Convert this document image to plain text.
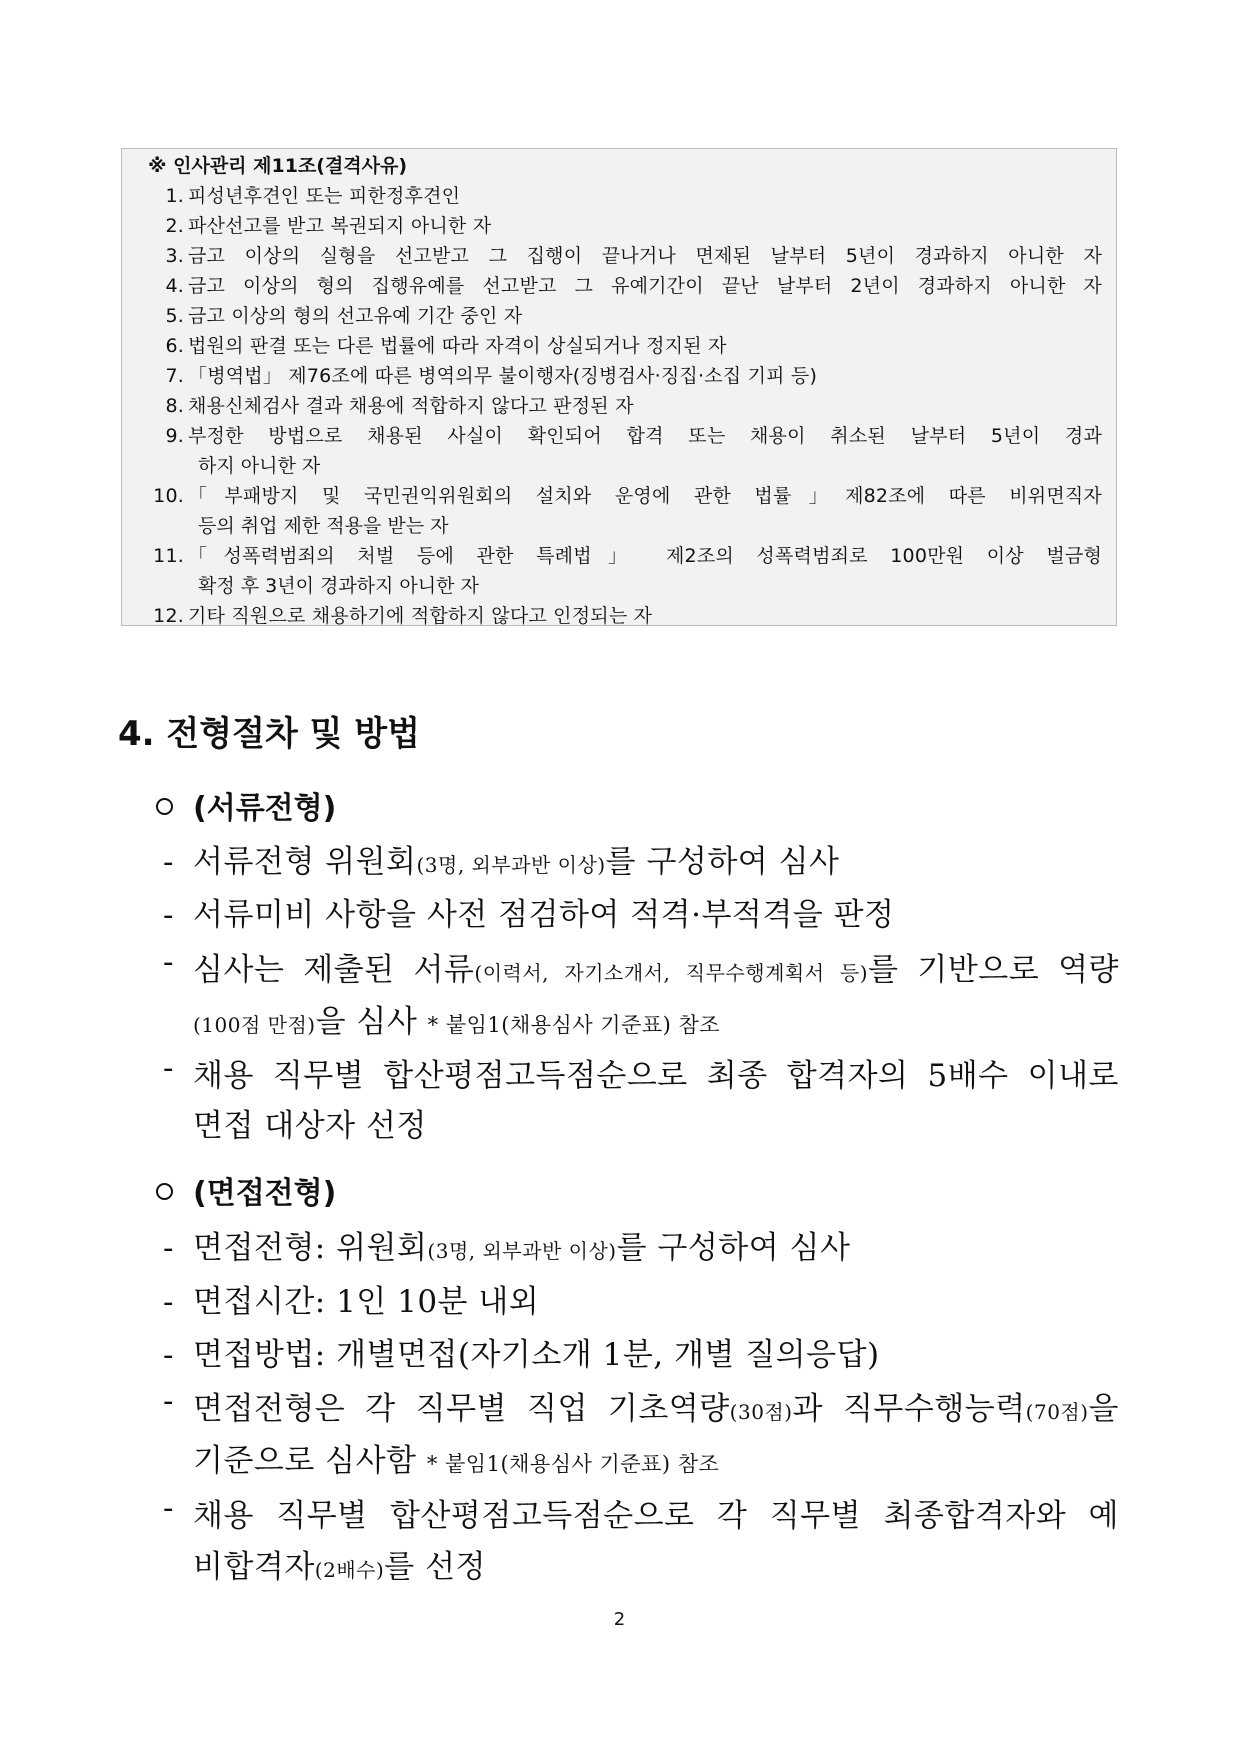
※ 인사관리 제11조(결격사유)
1. 피성년후견인 또는 피한정후견인
2. 파산선고를 받고 복권되지 아니한 자
3. 금고 이상의 실형을 선고받고 그 집행이 끝나거나 면제된 날부터 5년이 경과하지 아니한 자
4. 금고 이상의 형의 집행유예를 선고받고 그 유예기간이 끝난 날부터 2년이 경과하지 아니한 자
5. 금고 이상의 형의 선고유예 기간 중인 자
6. 법원의 판결 또는 다른 법률에 따라 자격이 상실되거나 정지된 자
7. 「병역법」 제76조에 따른 병역의무 불이행자(징병검사·징집·소집 기피 등)
8. 채용신체검사 결과 채용에 적합하지 않다고 판정된 자
9. 부정한 방법으로 채용된 사실이 확인되어 합격 또는 채용이 취소된 날부터 5년이 경과
하지 아니한 자
10. 「부패방지 및 국민권익위원회의 설치와 운영에 관한 법률」제82조에 따른 비위면직자
등의 취업 제한 적용을 받는 자
11. 「성폭력범죄의 처벌 등에 관한 특례법」 제2조의 성폭력범죄로 100만원 이상 벌금형
확정 후 3년이 경과하지 아니한 자
12. 기타 직원으로 채용하기에 적합하지 않다고 인정되는 자
4. 전형절차 및 방법
(서류전형)
- 서류전형 위원회(3명, 외부과반 이상)를 구성하여 심사
- 서류미비 사항을 사전 점검하여 적격·부적격을 판정
- 심사는 제출된 서류(이력서, 자기소개서, 직무수행계획서 등)를 기반으로 역량
(100점 만점)을 심사 * 붙임1(채용심사 기준표) 참조
- 채용 직무별 합산평점고득점순으로 최종 합격자의 5배수 이내로
면접 대상자 선정
(면접전형)
- 면접전형: 위원회(3명, 외부과반 이상)를 구성하여 심사
- 면접시간: 1인 10분 내외
- 면접방법: 개별면접(자기소개 1분, 개별 질의응답)
- 면접전형은 각 직무별 직업 기초역량(30점)과 직무수행능력(70점)을
기준으로 심사함 * 붙임1(채용심사 기준표) 참조
- 채용 직무별 합산평점고득점순으로 각 직무별 최종합격자와 예
비합격자(2배수)를 선정
2
